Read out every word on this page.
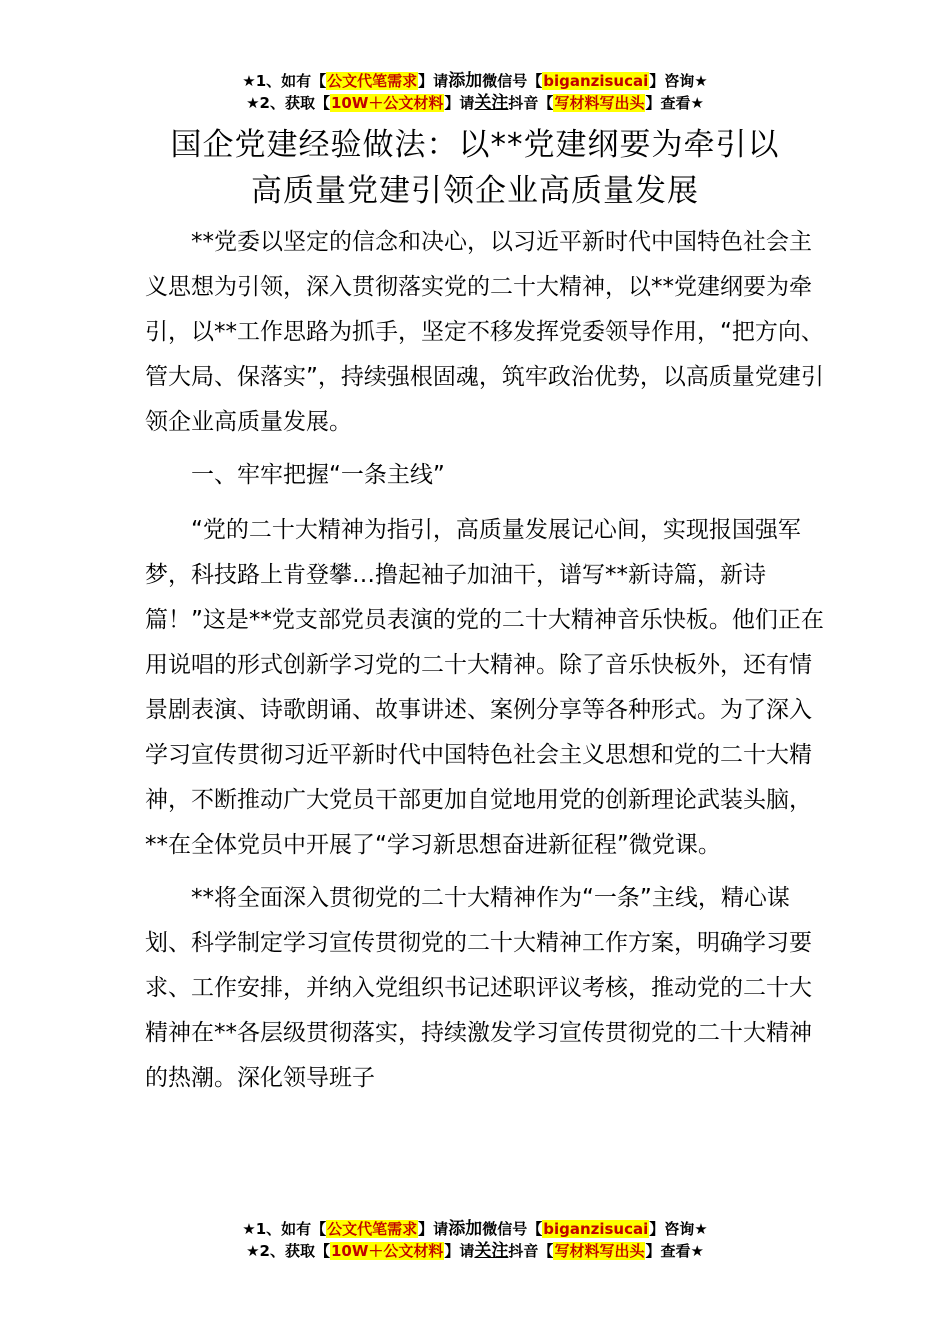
★1、如有【公文代笔需求】请添加微信号【biganzisucai】咨询★
★2、获取【10W＋公文材料】请关注抖音【写材料写出头】查看★
国企党建经验做法：以**党建纲要为牵引以
高质量党建引领企业高质量发展

**党委以坚定的信念和决心，以习近平新时代中国特色社会主义思想为引领，深入贯彻落实党的二十大精神，以**党建纲要为牵引，以**工作思路为抓手，坚定不移发挥党委领导作用，“把方向、管大局、保落实”，持续强根固魂，筑牢政治优势，以高质量党建引领企业高质量发展。

一、牢牢把握“一条主线”

“党的二十大精神为指引，高质量发展记心间，实现报国强军梦，科技路上肯登攀…撸起袖子加油干，谱写**新诗篇，新诗篇！”这是**党支部党员表演的党的二十大精神音乐快板。他们正在用说唱的形式创新学习党的二十大精神。除了音乐快板外，还有情景剧表演、诗歌朗诵、故事讲述、案例分享等各种形式。为了深入学习宣传贯彻习近平新时代中国特色社会主义思想和党的二十大精神，不断推动广大党员干部更加自觉地用党的创新理论武装头脑，**在全体党员中开展了“学习新思想奋进新征程”微党课。

**将全面深入贯彻党的二十大精神作为“一条”主线，精心谋划、科学制定学习宣传贯彻党的二十大精神工作方案，明确学习要求、工作安排，并纳入党组织书记述职评议考核，推动党的二十大精神在**各层级贯彻落实，持续激发学习宣传贯彻党的二十大精神的热潮。深化领导班子

★1、如有【公文代笔需求】请添加微信号【biganzisucai】咨询★
★2、获取【10W＋公文材料】请关注抖音【写材料写出头】查看★
